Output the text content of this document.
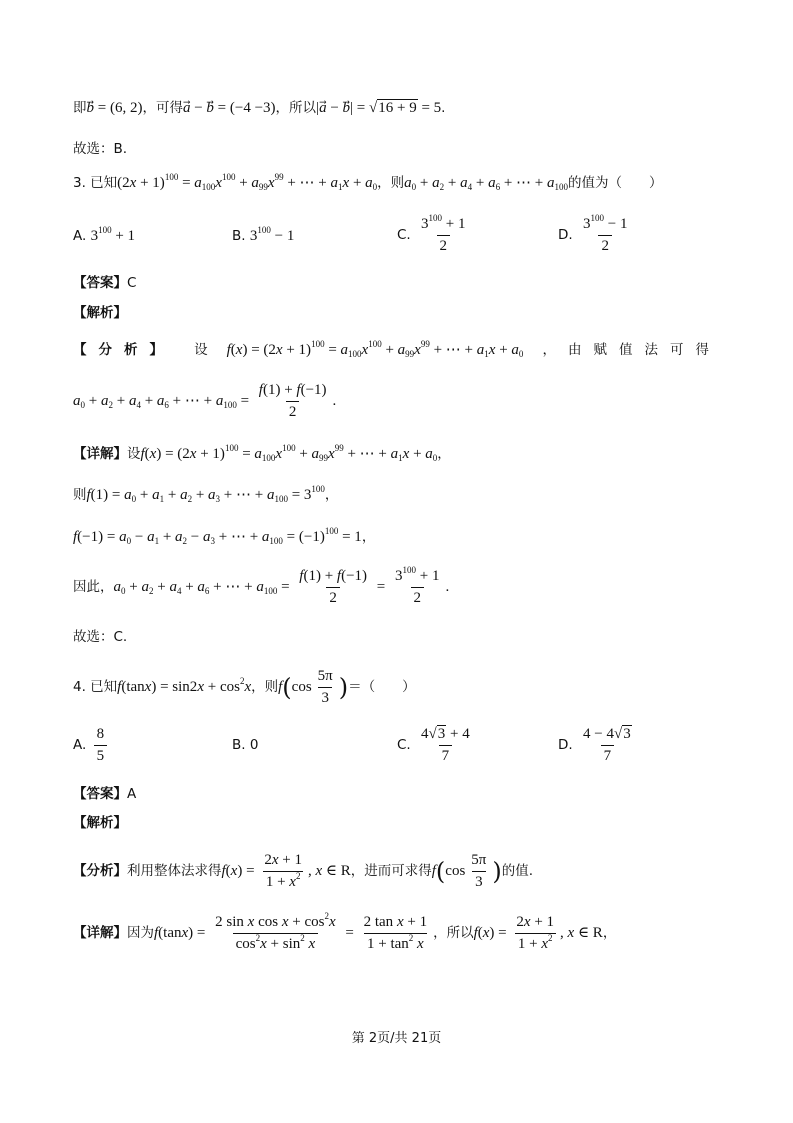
即b⃗ = (6, 2)，可得a⃗ − b⃗ = (−4 −3)，所以|a⃗ − b⃗| = √16 + 9 = 5.
故选：B.
3. 已知$(2x + 1)^{100} = a_{100}x^{100} + a_{99}x^{99}$ + ⋯ + $a_1x + a_0$，则$a_0 + a_2 + a_4 + a_6$ + ⋯ + $a_{100}$的值为（　　）
A. $3^{100} + 1$	B. $3^{100} - 1$	C. $\frac{3^{100} + 1}{2}$	D. $\frac{3^{100} - 1}{2}$
【答案】C
【解析】
【分析】 设 $f(x) = (2x + 1)^{100} = a_{100}x^{100} + a_{99}x^{99}$ + ⋯ + $a_1x + a_0$ ，由赋值法可得
$a_0 + a_2 + a_4 + a_6$ + ⋯ + $a_{100} = \frac{f(1) + f(-1)}{2}$ .
【详解】设$f(x) = (2x + 1)^{100} = a_{100}x^{100} + a_{99}x^{99}$ + ⋯ + $a_1x + a_0$，
则$f(1) = a_0 + a_1 + a_2 + a_3$ + ⋯ + $a_{100} = 3^{100}$，
$f(-1) = a_0 - a_1 + a_2 - a_3$ + ⋯ + $a_{100} = (-1)^{100} = 1$，
因此，$a_0 + a_2 + a_4 + a_6$ + ⋯ + $a_{100} = \frac{f(1) + f(-1)}{2} = \frac{3^{100} + 1}{2}$ .
故选：C.
4. 已知$f(\tan x) = \sin 2x + \cos^2x$，则$f(\cos \frac{5\pi}{3}$ )＝（　　）
A. $\frac{8}{5}$	B. 0	C. $\frac{4√3 + 4}{7}$	D. $\frac{4 - 4√3}{7}$
【答案】A
【解析】
【分析】利用整体法求得$f(x) = \frac{2x + 1}{1 + x^2}$ , x ∈ R，进而可求得$f(\cos \frac{5\pi}{3}$ )的值.
【详解】因为$f(\tan x) = \frac{2 \sin x \cos x + \cos^2x}{\cos^2x + \sin^2 x} = \frac{\text{2 tan x + 1}}{1 + \tan^2 x}$ ，所以$f(x) = \frac{2x + 1}{1 + x^2}$ , x ∈ R，
第 2页/共 21页
